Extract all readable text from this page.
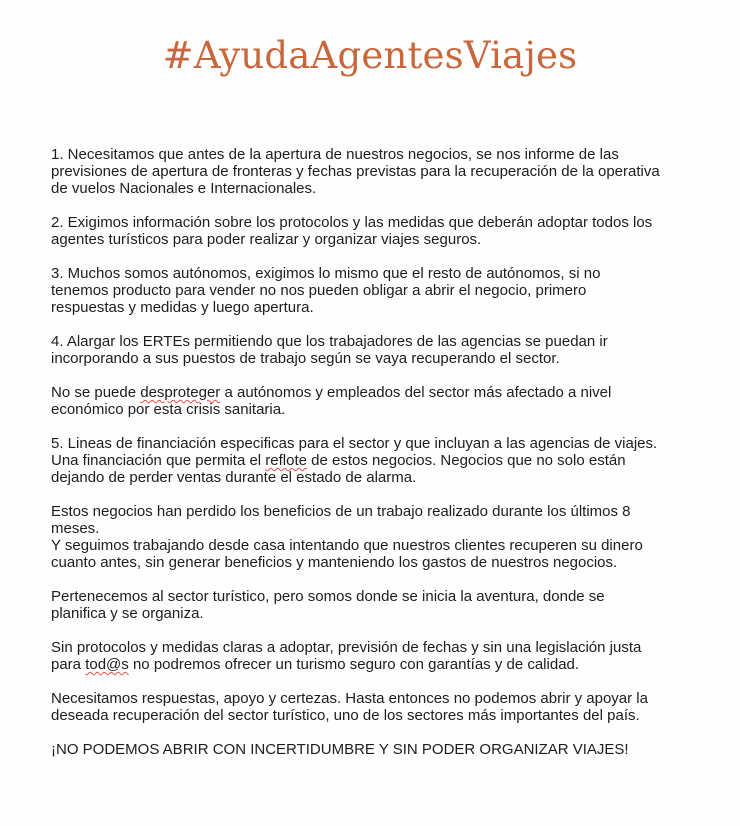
#AyudaAgentesViajes

1. Necesitamos que antes de la apertura de nuestros negocios, se nos informe de las
previsiones de apertura de fronteras y fechas previstas para la recuperación de la operativa
de vuelos Nacionales e Internacionales.

2. Exigimos información sobre los protocolos y las medidas que deberán adoptar todos los
agentes turísticos para poder realizar y organizar viajes seguros.

3. Muchos somos autónomos, exigimos lo mismo que el resto de autónomos, si no
tenemos producto para vender no nos pueden obligar a abrir el negocio, primero
respuestas y medidas y luego apertura.

4. Alargar los ERTEs permitiendo que los trabajadores de las agencias se puedan ir
incorporando a sus puestos de trabajo según se vaya recuperando el sector.

No se puede desproteger a autónomos y empleados del sector más afectado a nivel
económico por esta crisis sanitaria.

5. Lineas de financiación especificas para el sector y que incluyan a las agencias de viajes.
Una financiación que permita el reflote de estos negocios. Negocios que no solo están
dejando de perder ventas durante el estado de alarma.

Estos negocios han perdido los beneficios de un trabajo realizado durante los últimos 8
meses.
Y seguimos trabajando desde casa intentando que nuestros clientes recuperen su dinero
cuanto antes, sin generar beneficios y manteniendo los gastos de nuestros negocios.

Pertenecemos al sector turístico, pero somos donde se inicia la aventura, donde se
planifica y se organiza.

Sin protocolos y medidas claras a adoptar, previsión de fechas y sin una legislación justa
para tod@s no podremos ofrecer un turismo seguro con garantías y de calidad.

Necesitamos respuestas, apoyo y certezas. Hasta entonces no podemos abrir y apoyar la
deseada recuperación del sector turístico, uno de los sectores más importantes del país.

¡NO PODEMOS ABRIR CON INCERTIDUMBRE Y SIN PODER ORGANIZAR VIAJES!
